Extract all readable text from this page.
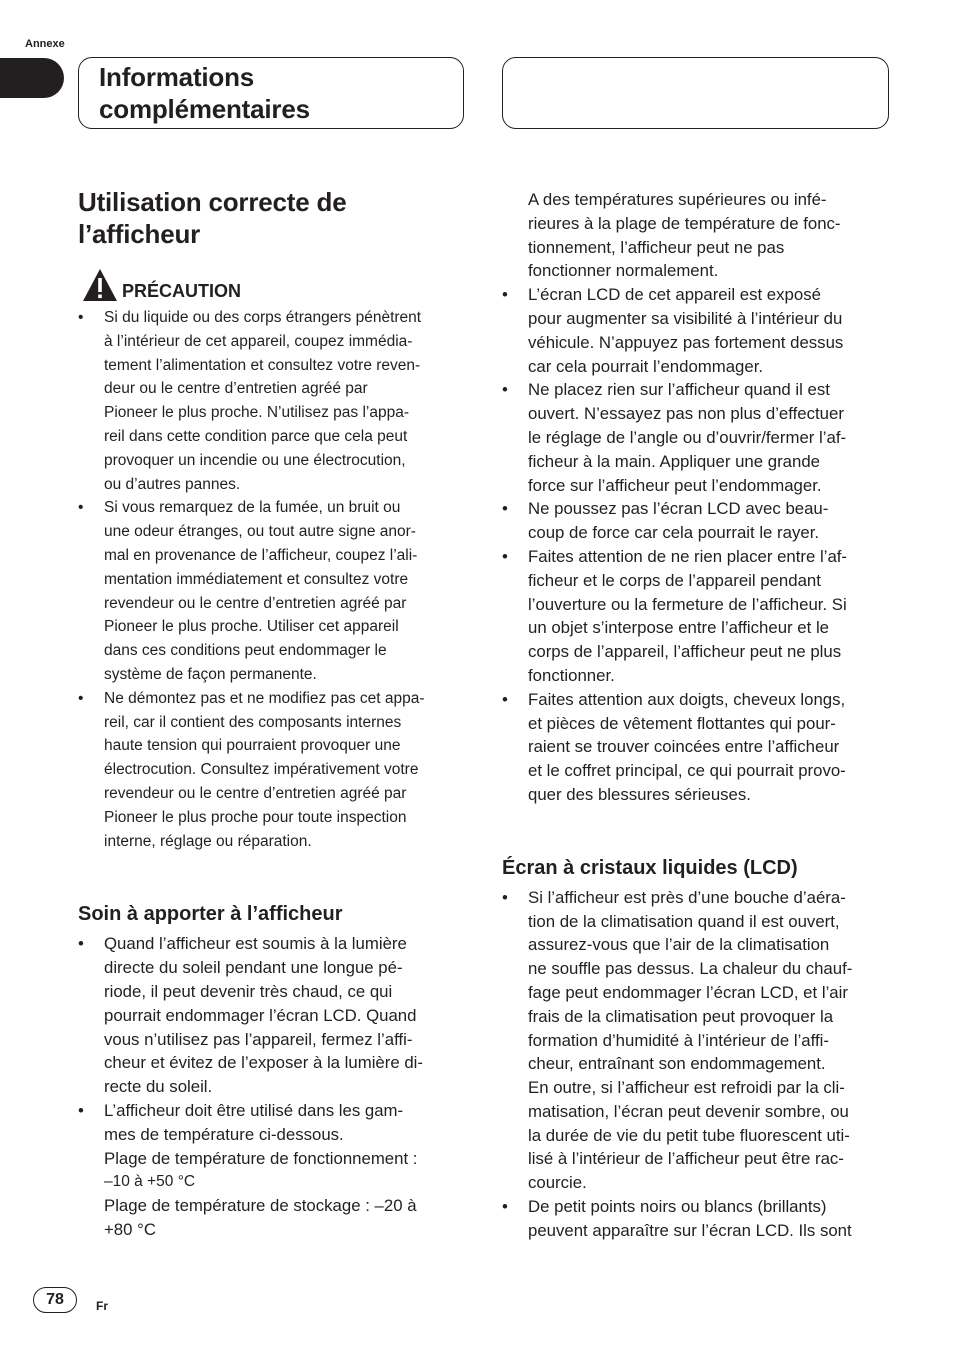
Annexe
Informations
complémentaires
Utilisation correcte de
l’afficheur
PRÉCAUTION
• Si du liquide ou des corps étrangers pénètrent
à l’intérieur de cet appareil, coupez immédia-
tement l’alimentation et consultez votre reven-
deur ou le centre d’entretien agréé par
Pioneer le plus proche. N’utilisez pas l’appa-
reil dans cette condition parce que cela peut
provoquer un incendie ou une électrocution,
ou d’autres pannes.
• Si vous remarquez de la fumée, un bruit ou
une odeur étranges, ou tout autre signe anor-
mal en provenance de l’afficheur, coupez l’ali-
mentation immédiatement et consultez votre
revendeur ou le centre d’entretien agréé par
Pioneer le plus proche. Utiliser cet appareil
dans ces conditions peut endommager le
système de façon permanente.
• Ne démontez pas et ne modifiez pas cet appa-
reil, car il contient des composants internes
haute tension qui pourraient provoquer une
électrocution. Consultez impérativement votre
revendeur ou le centre d’entretien agréé par
Pioneer le plus proche pour toute inspection
interne, réglage ou réparation.
Soin à apporter à l’afficheur
• Quand l’afficheur est soumis à la lumière
directe du soleil pendant une longue pé-
riode, il peut devenir très chaud, ce qui
pourrait endommager l’écran LCD. Quand
vous n’utilisez pas l’appareil, fermez l’affi-
cheur et évitez de l’exposer à la lumière di-
recte du soleil.
• L’afficheur doit être utilisé dans les gam-
mes de température ci-dessous.
Plage de température de fonctionnement :
–10 à +50 °C
Plage de température de stockage : –20 à
+80 °C
A des températures supérieures ou infé-
rieures à la plage de température de fonc-
tionnement, l’afficheur peut ne pas
fonctionner normalement.
• L’écran LCD de cet appareil est exposé
pour augmenter sa visibilité à l’intérieur du
véhicule. N’appuyez pas fortement dessus
car cela pourrait l’endommager.
• Ne placez rien sur l’afficheur quand il est
ouvert. N’essayez pas non plus d’effectuer
le réglage de l’angle ou d’ouvrir/fermer l’af-
ficheur à la main. Appliquer une grande
force sur l’afficheur peut l’endommager.
• Ne poussez pas l’écran LCD avec beau-
coup de force car cela pourrait le rayer.
• Faites attention de ne rien placer entre l’af-
ficheur et le corps de l’appareil pendant
l’ouverture ou la fermeture de l’afficheur. Si
un objet s’interpose entre l’afficheur et le
corps de l’appareil, l’afficheur peut ne plus
fonctionner.
• Faites attention aux doigts, cheveux longs,
et pièces de vêtement flottantes qui pour-
raient se trouver coincées entre l’afficheur
et le coffret principal, ce qui pourrait provo-
quer des blessures sérieuses.
Écran à cristaux liquides (LCD)
• Si l’afficheur est près d’une bouche d’aéra-
tion de la climatisation quand il est ouvert,
assurez-vous que l’air de la climatisation
ne souffle pas dessus. La chaleur du chauf-
fage peut endommager l’écran LCD, et l’air
frais de la climatisation peut provoquer la
formation d’humidité à l’intérieur de l’affi-
cheur, entraînant son endommagement.
En outre, si l’afficheur est refroidi par la cli-
matisation, l’écran peut devenir sombre, ou
la durée de vie du petit tube fluorescent uti-
lisé à l’intérieur de l’afficheur peut être rac-
courcie.
• De petit points noirs ou blancs (brillants)
peuvent apparaître sur l’écran LCD. Ils sont
78	Fr
